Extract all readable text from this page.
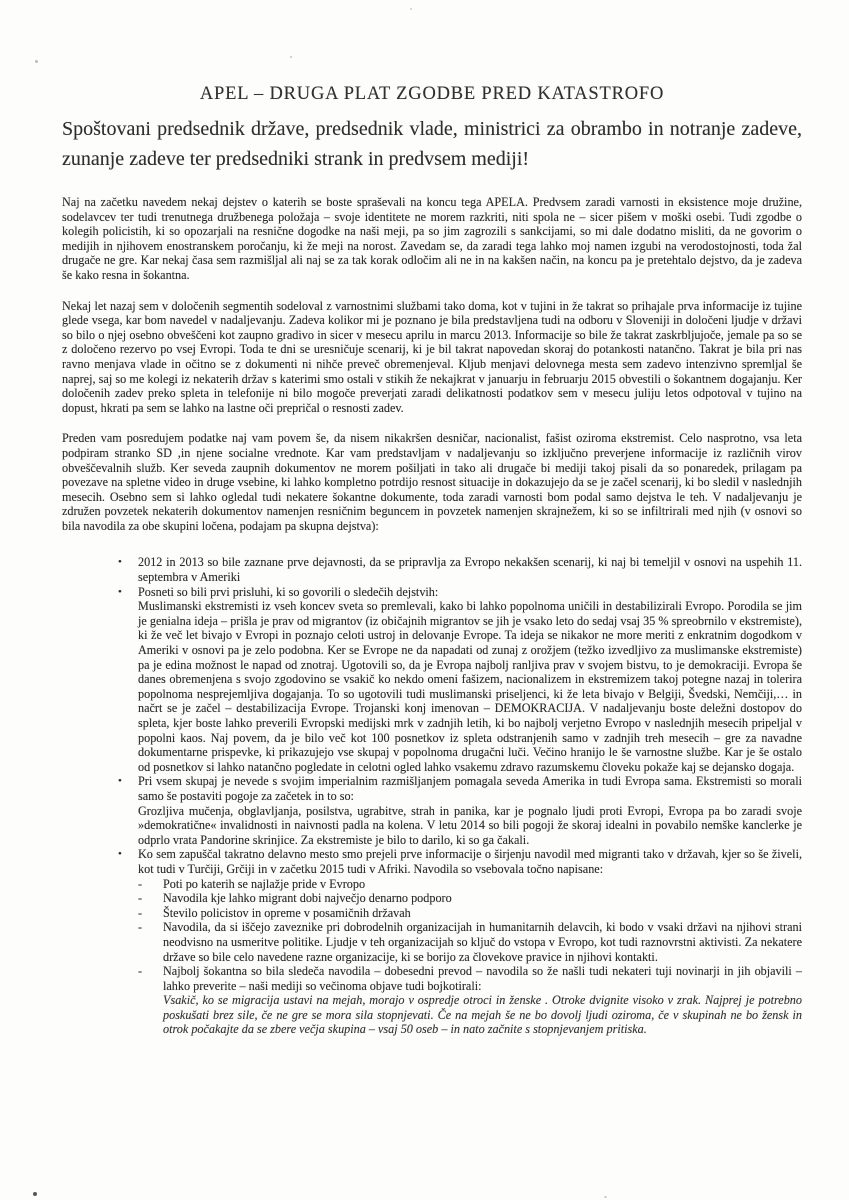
APEL – DRUGA PLAT ZGODBE PRED KATASTROFO
Spoštovani predsednik države, predsednik vlade, ministrici za obrambo in notranje zadeve, zunanje zadeve ter predsedniki strank in predvsem mediji!

Naj na začetku navedem nekaj dejstev o katerih se boste spraševali na koncu tega APELA. Predvsem zaradi varnosti in eksistence moje družine, sodelavcev ter tudi trenutnega družbenega položaja – svoje identitete ne morem razkriti, niti spola ne – sicer pišem v moški osebi. Tudi zgodbe o kolegih policistih, ki so opozarjali na resnične dogodke na naši meji, pa so jim zagrozili s sankcijami, so mi dale dodatno misliti, da ne govorim o medijih in njihovem enostranskem poročanju, ki že meji na norost. Zavedam se, da zaradi tega lahko moj namen izgubi na verodostojnosti, toda žal drugače ne gre. Kar nekaj časa sem razmišljal ali naj se za tak korak odločim ali ne in na kakšen način, na koncu pa je pretehtalo dejstvo, da je zadeva še kako resna in šokantna.

Nekaj let nazaj sem v določenih segmentih sodeloval z varnostnimi službami tako doma, kot v tujini in že takrat so prihajale prva informacije iz tujine glede vsega, kar bom navedel v nadaljevanju. Zadeva kolikor mi je poznano je bila predstavljena tudi na odboru v Sloveniji in določeni ljudje v državi so bilo o njej osebno obveščeni kot zaupno gradivo in sicer v mesecu aprilu in marcu 2013. Informacije so bile že takrat zaskrbljujoče, jemale pa so se z določeno rezervo po vsej Evropi. Toda te dni se uresničuje scenarij, ki je bil takrat napovedan skoraj do potankosti natančno. Takrat je bila pri nas ravno menjava vlade in očitno se z dokumenti ni nihče preveč obremenjeval. Kljub menjavi delovnega mesta sem zadevo intenzivno spremljal še naprej, saj so me kolegi iz nekaterih držav s katerimi smo ostali v stikih že nekajkrat v januarju in februarju 2015 obvestili o šokantnem dogajanju. Ker določenih zadev preko spleta in telefonije ni bilo mogoče preverjati zaradi delikatnosti podatkov sem v mesecu juliju letos odpotoval v tujino na dopust, hkrati pa sem se lahko na lastne oči prepričal o resnosti zadev.

Preden vam posredujem podatke naj vam povem še, da nisem nikakršen desničar, nacionalist, fašist oziroma ekstremist. Celo nasprotno, vsa leta podpiram stranko SD ,in njene socialne vrednote. Kar vam predstavljam v nadaljevanju so izključno preverjene informacije iz različnih virov obveščevalnih služb. Ker seveda zaupnih dokumentov ne morem pošiljati in tako ali drugače bi mediji takoj pisali da so ponaredek, prilagam pa povezave na spletne video in druge vsebine, ki lahko kompletno potrdijo resnost situacije in dokazujejo da se je začel scenarij, ki bo sledil v naslednjih mesecih. Osebno sem si lahko ogledal tudi nekatere šokantne dokumente, toda zaradi varnosti bom podal samo dejstva le teh. V nadaljevanju je združen povzetek nekaterih dokumentov namenjen resničnim beguncem in povzetek namenjen skrajnežem, ki so se infiltrirali med njih (v osnovi so bila navodila za obe skupini ločena, podajam pa skupna dejstva):

•	2012 in 2013 so bile zaznane prve dejavnosti, da se pripravlja za Evropo nekakšen scenarij, ki naj bi temeljil v osnovi na uspehih 11. septembra v Ameriki
•	Posneti so bili prvi prisluhi, ki so govorili o sledečih dejstvih:
Muslimanski ekstremisti iz vseh koncev sveta so premlevali, kako bi lahko popolnoma uničili in destabilizirali Evropo. Porodila se jim je genialna ideja – prišla je prav od migrantov (iz običajnih migrantov se jih je vsako leto do sedaj vsaj 35 % spreobrnilo v ekstremiste), ki že več let bivajo v Evropi in poznajo celoti ustroj in delovanje Evrope. Ta ideja se nikakor ne more meriti z enkratnim dogodkom v Ameriki v osnovi pa je zelo podobna. Ker se Evrope ne da napadati od zunaj z orožjem (težko izvedljivo za muslimanske ekstremiste) pa je edina možnost le napad od znotraj. Ugotovili so, da je Evropa najbolj ranljiva prav v svojem bistvu, to je demokraciji. Evropa še danes obremenjena s svojo zgodovino se vsakič ko nekdo omeni fašizem, nacionalizem in ekstremizem takoj potegne nazaj in tolerira popolnoma nesprejemljiva dogajanja. To so ugotovili tudi muslimanski priseljenci, ki že leta bivajo v Belgiji, Švedski, Nemčiji,… in načrt se je začel – destabilizacija Evrope. Trojanski konj imenovan – DEMOKRACIJA. V nadaljevanju boste deležni dostopov do spleta, kjer boste lahko preverili Evropski medijski mrk v zadnjih letih, ki bo najbolj verjetno Evropo v naslednjih mesecih pripeljal v popolni kaos. Naj povem, da je bilo več kot 100 posnetkov iz spleta odstranjenih samo v zadnjih treh mesecih – gre za navadne dokumentarne prispevke, ki prikazujejo vse skupaj v popolnoma drugačni luči. Večino hranijo le še varnostne službe. Kar je še ostalo od posnetkov si lahko natančno pogledate in celotni ogled lahko vsakemu zdravo razumskemu človeku pokaže kaj se dejansko dogaja.
•	Pri vsem skupaj je nevede s svojim imperialnim razmišljanjem pomagala seveda Amerika in tudi Evropa sama. Ekstremisti so morali samo še postaviti pogoje za začetek in to so:
Grozljiva mučenja, obglavljanja, posilstva, ugrabitve, strah in panika, kar je pognalo ljudi proti Evropi, Evropa pa bo zaradi svoje »demokratične« invalidnosti in naivnosti padla na kolena. V letu 2014 so bili pogoji že skoraj idealni in povabilo nemške kanclerke je odprlo vrata Pandorine skrinjice. Za ekstremiste je bilo to darilo, ki so ga čakali.
•	Ko sem zapuščal takratno delavno mesto smo prejeli prve informacije o širjenju navodil med migranti tako v državah, kjer so še živeli, kot tudi v Turčiji, Grčiji in v začetku 2015 tudi v Afriki. Navodila so vsebovala točno napisane:
-	Poti po katerih se najlažje pride v Evropo
-	Navodila kje lahko migrant dobi največjo denarno podporo
-	Število policistov in opreme v posamičnih državah
-	Navodila, da si iščejo zaveznike pri dobrodelnih organizacijah in humanitarnih delavcih, ki bodo v vsaki državi na njihovi strani neodvisno na usmeritve politike. Ljudje v teh organizacijah so ključ do vstopa v Evropo, kot tudi raznovrstni aktivisti. Za nekatere države so bile celo navedene razne organizacije, ki se borijo za človekove pravice in njihovi kontakti.
-	Najbolj šokantna so bila sledeča navodila – dobesedni prevod – navodila so že našli tudi nekateri tuji novinarji in jih objavili – lahko preverite – naši mediji so večinoma objave tudi bojkotirali:
Vsakič, ko se migracija ustavi na mejah, morajo v ospredje otroci in ženske . Otroke dvignite visoko v zrak. Najprej je potrebno poskušati brez sile, če ne gre se mora sila stopnjevati. Če na mejah še ne bo dovolj ljudi oziroma, če v skupinah ne bo žensk in otrok počakajte da se zbere večja skupina – vsaj 50 oseb – in nato začnite s stopnjevanjem pritiska.
